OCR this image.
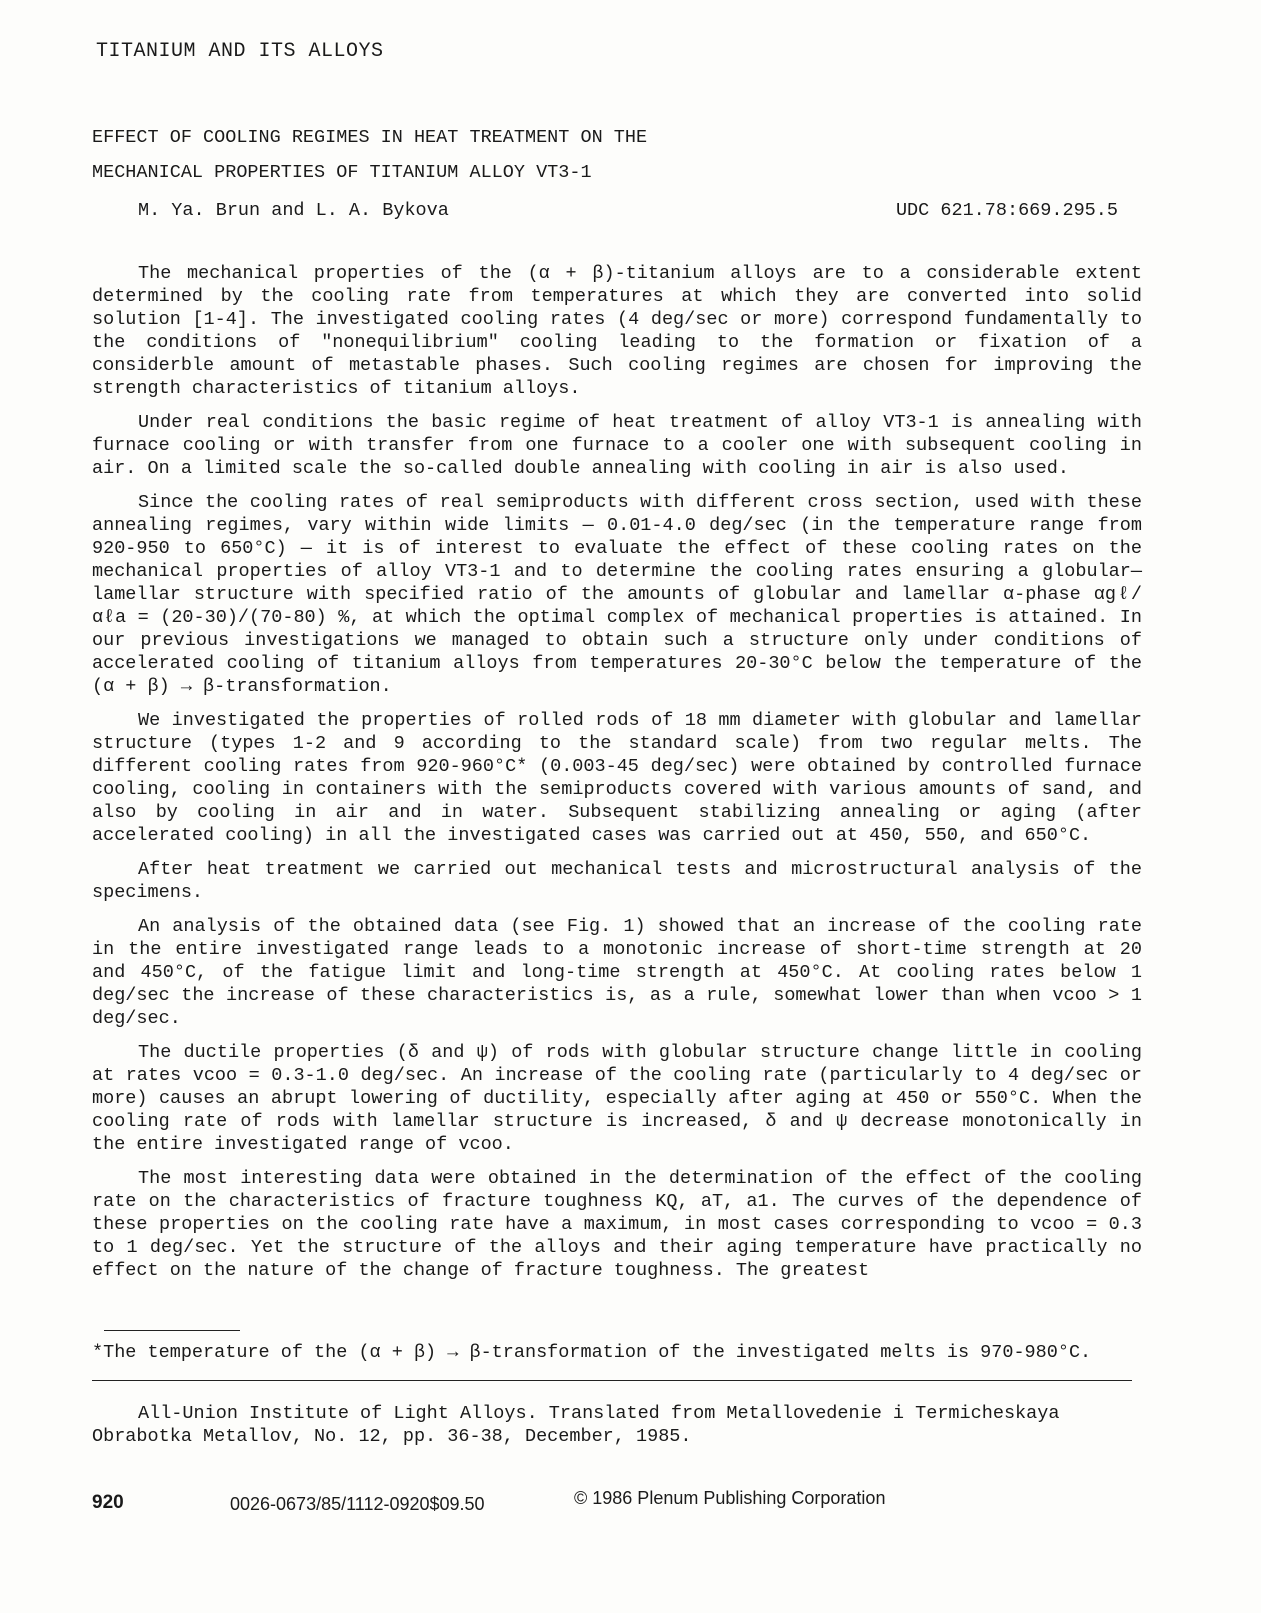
TITANIUM AND ITS ALLOYS
EFFECT OF COOLING REGIMES IN HEAT TREATMENT ON THE
MECHANICAL PROPERTIES OF TITANIUM ALLOY VT3-1
M. Ya. Brun and L. A. Bykova	UDC 621.78:669.295.5

The mechanical properties of the (α + β)-titanium alloys are to a considerable extent determined by the cooling rate from temperatures at which they are converted into solid solution [1-4]. The investigated cooling rates (4 deg/sec or more) correspond fundamentally to the conditions of "nonequilibrium" cooling leading to the formation or fixation of a considerble amount of metastable phases. Such cooling regimes are chosen for improving the strength characteristics of titanium alloys.

Under real conditions the basic regime of heat treatment of alloy VT3-1 is annealing with furnace cooling or with transfer from one furnace to a cooler one with subsequent cooling in air. On a limited scale the so-called double annealing with cooling in air is also used.

Since the cooling rates of real semiproducts with different cross section, used with these annealing regimes, vary within wide limits — 0.01-4.0 deg/sec (in the temperature range from 920-950 to 650°C) — it is of interest to evaluate the effect of these cooling rates on the mechanical properties of alloy VT3-1 and to determine the cooling rates ensuring a globular—lamellar structure with specified ratio of the amounts of globular and lamellar α-phase αgℓ/αℓa = (20-30)/(70-80) %, at which the optimal complex of mechanical properties is attained. In our previous investigations we managed to obtain such a structure only under conditions of accelerated cooling of titanium alloys from temperatures 20-30°C below the temperature of the (α + β) → β-transformation.

We investigated the properties of rolled rods of 18 mm diameter with globular and lamellar structure (types 1-2 and 9 according to the standard scale) from two regular melts. The different cooling rates from 920-960°C* (0.003-45 deg/sec) were obtained by controlled furnace cooling, cooling in containers with the semiproducts covered with various amounts of sand, and also by cooling in air and in water. Subsequent stabilizing annealing or aging (after accelerated cooling) in all the investigated cases was carried out at 450, 550, and 650°C.

After heat treatment we carried out mechanical tests and microstructural analysis of the specimens.

An analysis of the obtained data (see Fig. 1) showed that an increase of the cooling rate in the entire investigated range leads to a monotonic increase of short-time strength at 20 and 450°C, of the fatigue limit and long-time strength at 450°C. At cooling rates below 1 deg/sec the increase of these characteristics is, as a rule, somewhat lower than when vcoo > 1 deg/sec.

The ductile properties (δ and ψ) of rods with globular structure change little in cooling at rates vcoo = 0.3-1.0 deg/sec. An increase of the cooling rate (particularly to 4 deg/sec or more) causes an abrupt lowering of ductility, especially after aging at 450 or 550°C. When the cooling rate of rods with lamellar structure is increased, δ and ψ decrease monotonically in the entire investigated range of vcoo.

The most interesting data were obtained in the determination of the effect of the cooling rate on the characteristics of fracture toughness KQ, aT, a1. The curves of the dependence of these properties on the cooling rate have a maximum, in most cases corresponding to vcoo = 0.3 to 1 deg/sec. Yet the structure of the alloys and their aging temperature have practically no effect on the nature of the change of fracture toughness. The greatest

*The temperature of the (α + β) → β-transformation of the investigated melts is 970-980°C.

All-Union Institute of Light Alloys. Translated from Metallovedenie i Termicheskaya Obrabotka Metallov, No. 12, pp. 36-38, December, 1985.

920	0026-0673/85/1112-0920$09.50	© 1986 Plenum Publishing Corporation
